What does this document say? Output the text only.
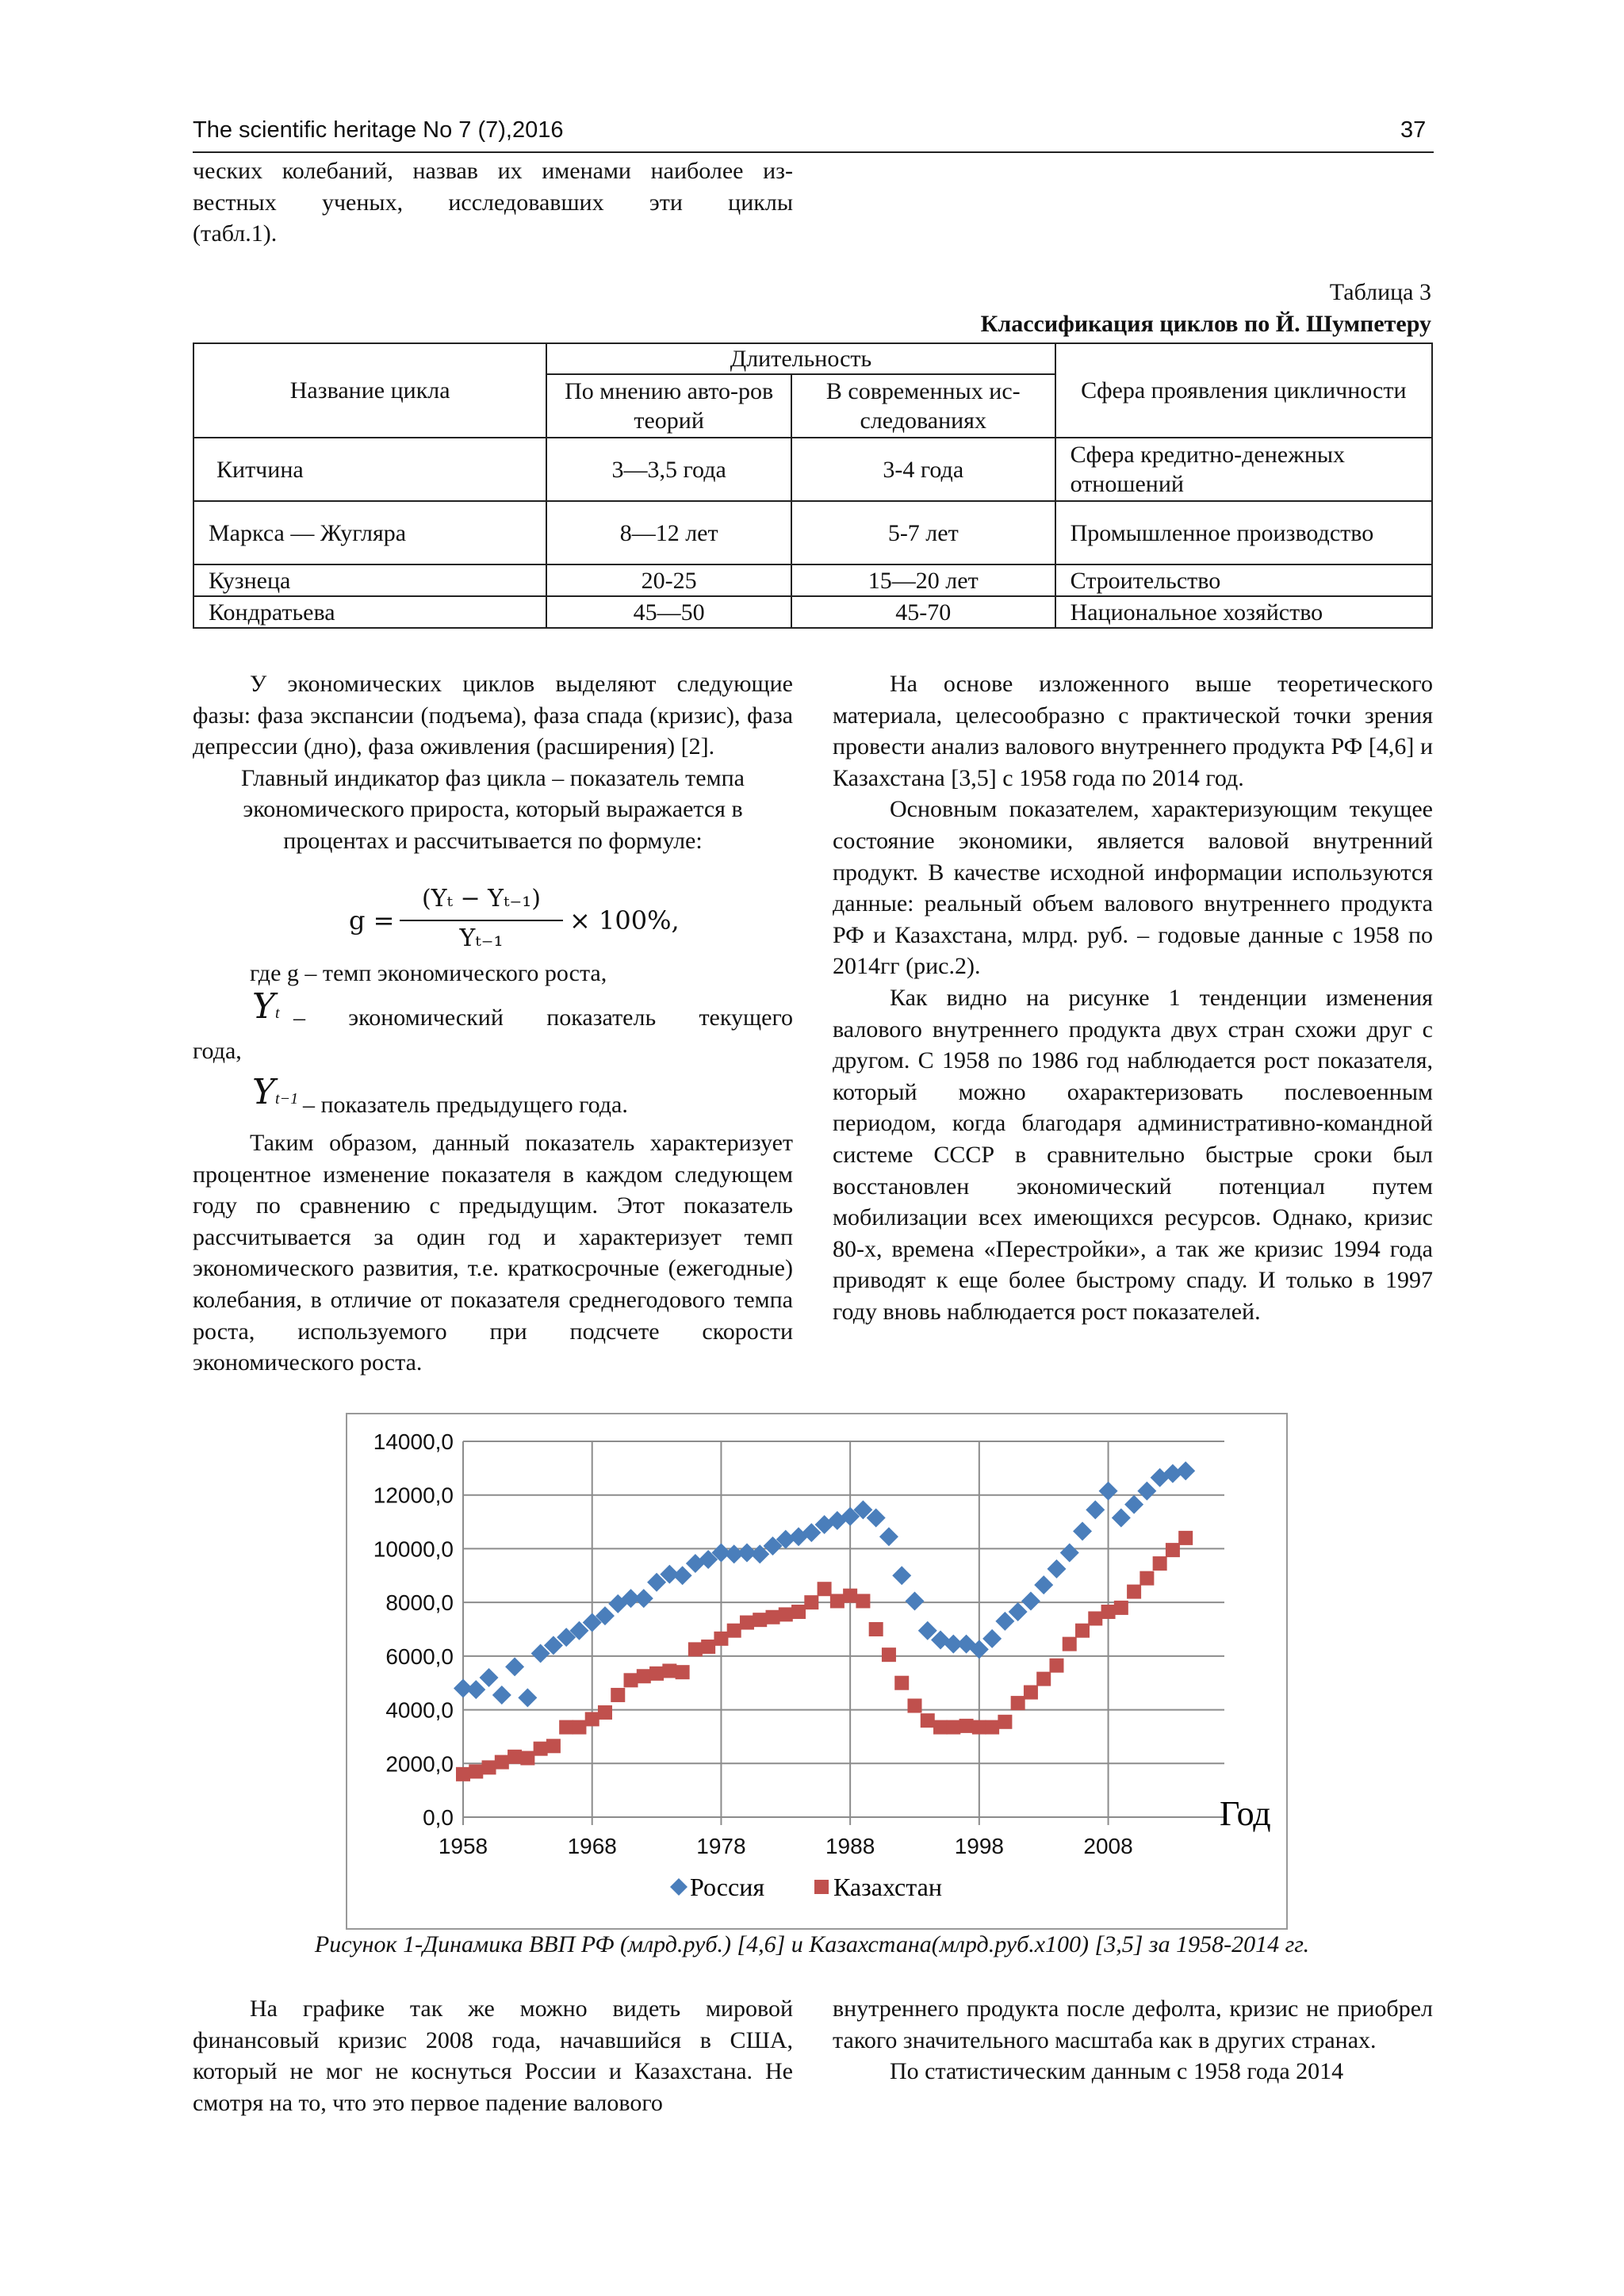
The scientific heritage No 7 (7),2016	37
ческих колебаний, назвав их именами наиболее из-
вестных ученых, исследовавших эти циклы
(табл.1).
Таблица 3
Классификация циклов по Й. Шумпетеру
Название цикла	Длительность		Сфера проявления цикличности
	По мнению авто-ров теорий	В современных ис-следованиях	
Китчина	3—3,5 года	3-4 года	Сфера кредитно-денежных отношений
Маркса — Жугляра	8—12 лет	5-7 лет	Промышленное производство
Кузнеца	20-25	15—20 лет	Строительство
Кондратьева	45—50	45-70	Национальное хозяйство

У экономических циклов выделяют следующие фазы: фаза экспансии (подъема), фаза спада (кризис), фаза депрессии (дно), фаза оживления (расширения) [2].

Главный индикатор фаз цикла – показатель темпа экономического прироста, который выражается в процентах и рассчитывается по формуле:

g =
(Yₜ − Yₜ₋₁)
Yₜ₋₁
× 100%,
где g – темп экономического роста,
Yt – экономический показатель текущего
года,
Yt−1 – показатель предыдущего года.

Таким образом, данный показатель характеризует процентное изменение показателя в каждом следующем году по сравнению с предыдущим. Этот показатель рассчитывается за один год и характеризует темп экономического развития, т.е. краткосрочные (ежегодные) колебания, в отличие от показателя среднегодового темпа роста, используемого при подсчете скорости экономического роста.

На основе изложенного выше теоретического материала, целесообразно с практической точки зрения провести анализ валового внутреннего продукта РФ [4,6] и Казахстана [3,5] с 1958 года по 2014 год.

Основным показателем, характеризующим текущее состояние экономики, является валовой внутренний продукт. В качестве исходной информации используются данные: реальный объем валового внутреннего продукта РФ и Казахстана, млрд. руб. – годовые данные с 1958 по 2014гг (рис.2).

Как видно на рисунке 1 тенденции изменения валового внутреннего продукта двух стран схожи друг с другом. С 1958 по 1986 год наблюдается рост показателя, который можно охарактеризовать послевоенным периодом, когда благодаря административно-командной системе СССР в сравнительно быстрые сроки был восстановлен экономический потенциал путем мобилизации всех имеющихся ресурсов. Однако, кризис 80-х, времена «Перестройки», а так же кризис 1994 года приводят к еще более быстрому спаду. И только в 1997 году вновь наблюдается рост показателей.

0,0
2000,0
4000,0
6000,0
8000,0
10000,0
12000,0
14000,0
1958	1968	1978	1988	1998	2008
Год
Россия	Казахстан
Рисунок 1-Динамика ВВП РФ (млрд.руб.) [4,6] и Казахстана(млрд.руб.х100) [3,5] за 1958-2014 гг.

На графике так же можно видеть мировой финансовый кризис 2008 года, начавшийся в США, который не мог не коснуться России и Казахстана. Не смотря на то, что это первое падение валового

внутреннего продукта после дефолта, кризис не приобрел такого значительного масштаба как в других странах.

По статистическим данным с 1958 года 2014
